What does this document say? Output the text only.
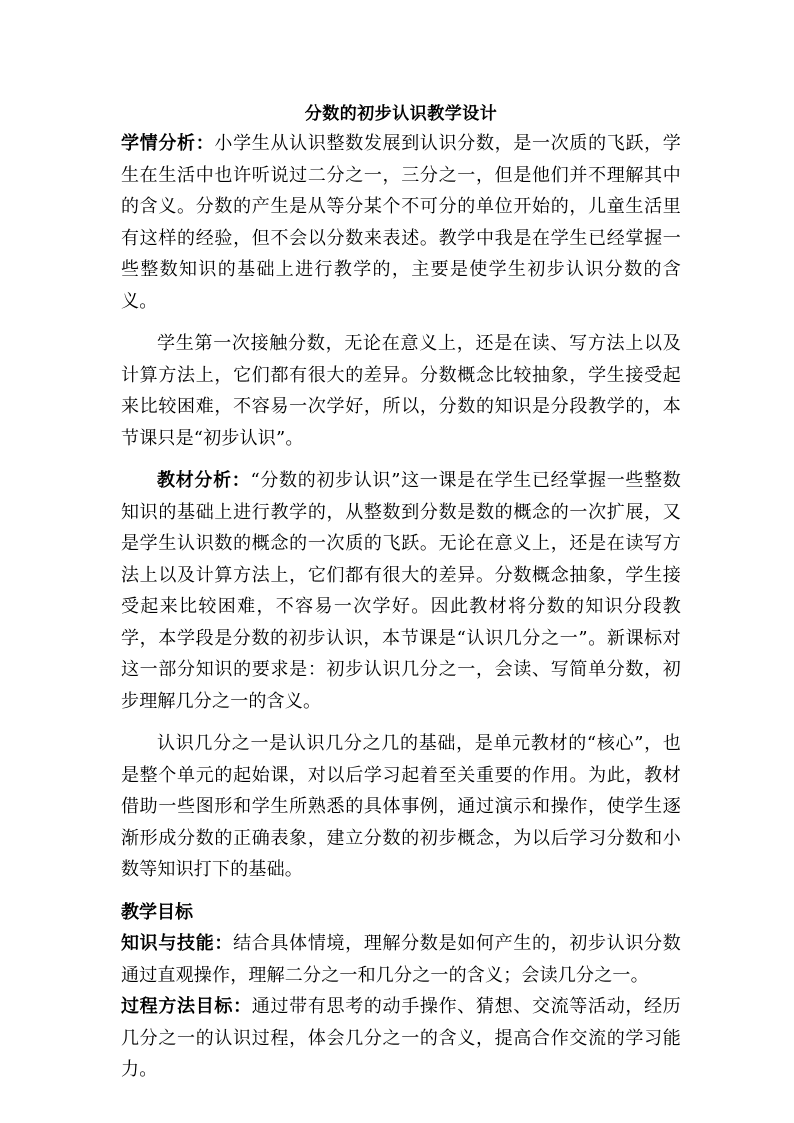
分数的初步认识教学设计

学情分析：小学生从认识整数发展到认识分数，是一次质的飞跃，学生在生活中也许听说过二分之一，三分之一，但是他们并不理解其中的含义。分数的产生是从等分某个不可分的单位开始的，儿童生活里有这样的经验，但不会以分数来表述。教学中我是在学生已经掌握一些整数知识的基础上进行教学的，主要是使学生初步认识分数的含义。

学生第一次接触分数，无论在意义上，还是在读、写方法上以及计算方法上，它们都有很大的差异。分数概念比较抽象，学生接受起来比较困难，不容易一次学好，所以，分数的知识是分段教学的，本节课只是“初步认识”。

教材分析：“分数的初步认识”这一课是在学生已经掌握一些整数知识的基础上进行教学的，从整数到分数是数的概念的一次扩展，又是学生认识数的概念的一次质的飞跃。无论在意义上，还是在读写方法上以及计算方法上，它们都有很大的差异。分数概念抽象，学生接受起来比较困难，不容易一次学好。因此教材将分数的知识分段教学，本学段是分数的初步认识，本节课是“认识几分之一”。新课标对这一部分知识的要求是：初步认识几分之一，会读、写简单分数，初步理解几分之一的含义。

认识几分之一是认识几分之几的基础，是单元教材的“核心”，也是整个单元的起始课，对以后学习起着至关重要的作用。为此，教材借助一些图形和学生所熟悉的具体事例，通过演示和操作，使学生逐渐形成分数的正确表象，建立分数的初步概念，为以后学习分数和小数等知识打下的基础。

教学目标

知识与技能：结合具体情境，理解分数是如何产生的，初步认识分数通过直观操作，理解二分之一和几分之一的含义；会读几分之一。

过程方法目标：通过带有思考的动手操作、猜想、交流等活动，经历几分之一的认识过程，体会几分之一的含义，提高合作交流的学习能力。
